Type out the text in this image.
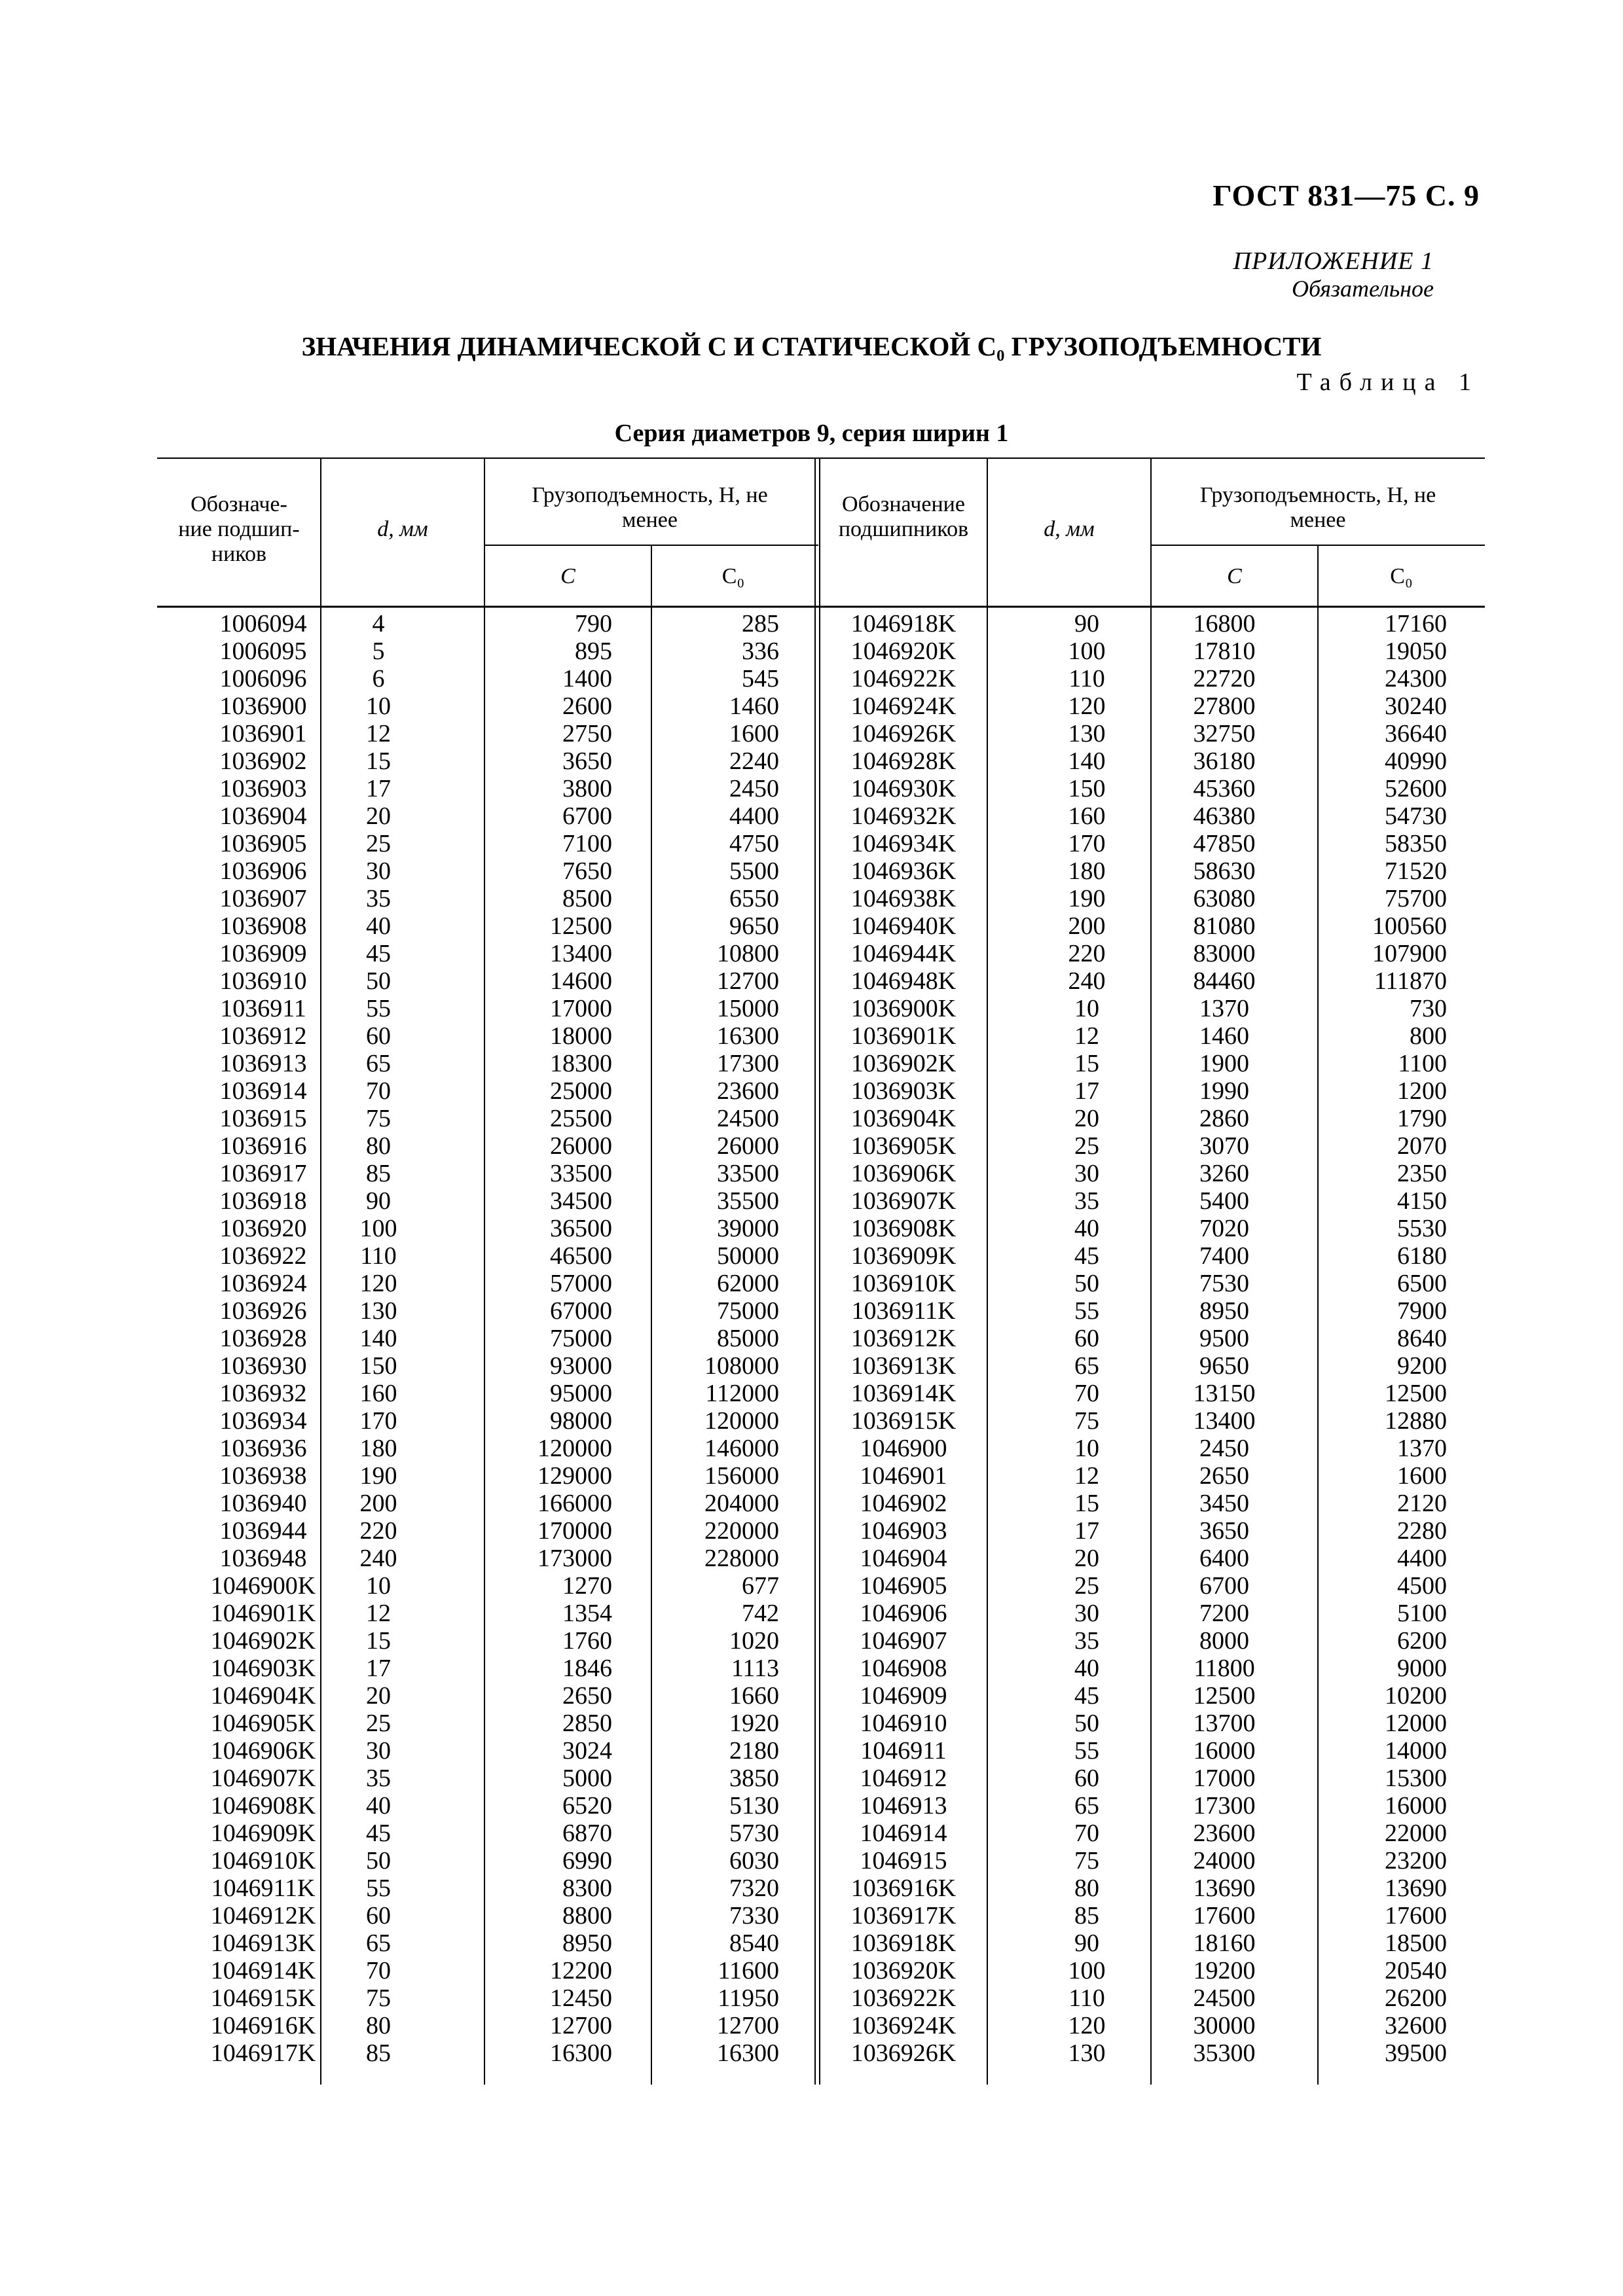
ГОСТ 831—75 С. 9
ПРИЛОЖЕНИЕ 1
Обязательное
ЗНАЧЕНИЯ ДИНАМИЧЕСКОЙ C И СТАТИЧЕСКОЙ C₀ ГРУЗОПОДЪЕМНОСТИ
Таблица 1
Серия диаметров 9, серия ширин 1
Обозначе-
ние подшип-
ников
d, мм
Грузоподъемность, Н, не
менее
C	C₀
Обозначение
подшипников	d, мм
Грузоподъемность, Н, не
менее
C	C₀
1006094	4	790	285	1046918K	90	16800	17160
1006095	5	895	336	1046920K	100	17810	19050
1006096	6	1400	545	1046922K	110	22720	24300
1036900	10	2600	1460	1046924K	120	27800	30240
1036901	12	2750	1600	1046926K	130	32750	36640
1036902	15	3650	2240	1046928K	140	36180	40990
1036903	17	3800	2450	1046930K	150	45360	52600
1036904	20	6700	4400	1046932K	160	46380	54730
1036905	25	7100	4750	1046934K	170	47850	58350
1036906	30	7650	5500	1046936K	180	58630	71520
1036907	35	8500	6550	1046938K	190	63080	75700
1036908	40	12500	9650	1046940K	200	81080	100560
1036909	45	13400	10800	1046944K	220	83000	107900
1036910	50	14600	12700	1046948K	240	84460	111870
1036911	55	17000	15000	1036900K	10	1370	730
1036912	60	18000	16300	1036901K	12	1460	800
1036913	65	18300	17300	1036902K	15	1900	1100
1036914	70	25000	23600	1036903K	17	1990	1200
1036915	75	25500	24500	1036904K	20	2860	1790
1036916	80	26000	26000	1036905K	25	3070	2070
1036917	85	33500	33500	1036906K	30	3260	2350
1036918	90	34500	35500	1036907K	35	5400	4150
1036920	100	36500	39000	1036908K	40	7020	5530
1036922	110	46500	50000	1036909K	45	7400	6180
1036924	120	57000	62000	1036910K	50	7530	6500
1036926	130	67000	75000	1036911K	55	8950	7900
1036928	140	75000	85000	1036912K	60	9500	8640
1036930	150	93000	108000	1036913K	65	9650	9200
1036932	160	95000	112000	1036914K	70	13150	12500
1036934	170	98000	120000	1036915K	75	13400	12880
1036936	180	120000	146000	1046900	10	2450	1370
1036938	190	129000	156000	1046901	12	2650	1600
1036940	200	166000	204000	1046902	15	3450	2120
1036944	220	170000	220000	1046903	17	3650	2280
1036948	240	173000	228000	1046904	20	6400	4400
1046900K	10	1270	677	1046905	25	6700	4500
1046901K	12	1354	742	1046906	30	7200	5100
1046902K	15	1760	1020	1046907	35	8000	6200
1046903K	17	1846	1113	1046908	40	11800	9000
1046904K	20	2650	1660	1046909	45	12500	10200
1046905K	25	2850	1920	1046910	50	13700	12000
1046906K	30	3024	2180	1046911	55	16000	14000
1046907K	35	5000	3850	1046912	60	17000	15300
1046908K	40	6520	5130	1046913	65	17300	16000
1046909K	45	6870	5730	1046914	70	23600	22000
1046910K	50	6990	6030	1046915	75	24000	23200
1046911K	55	8300	7320	1036916K	80	13690	13690
1046912K	60	8800	7330	1036917K	85	17600	17600
1046913K	65	8950	8540	1036918K	90	18160	18500
1046914K	70	12200	11600	1036920K	100	19200	20540
1046915K	75	12450	11950	1036922K	110	24500	26200
1046916K	80	12700	12700	1036924K	120	30000	32600
1046917K	85	16300	16300	1036926K	130	35300	39500
